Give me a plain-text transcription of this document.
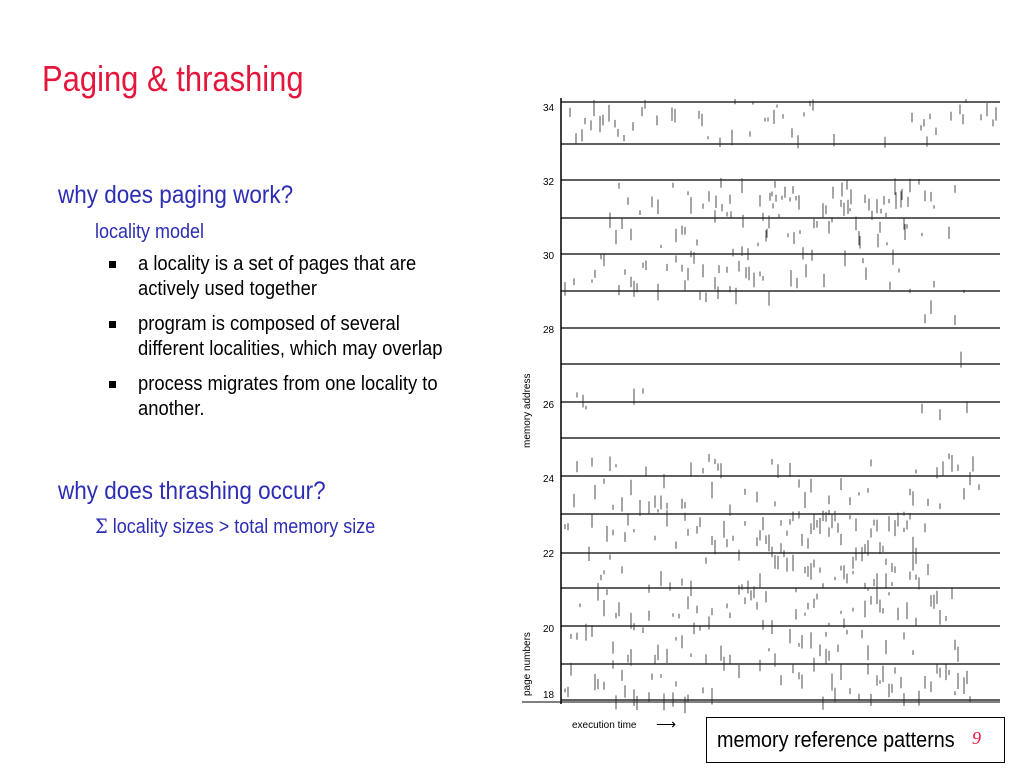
Paging & thrashing
why does paging work?
locality model
a locality is a set of pages that are actively used together
program is composed of several different localities, which may overlap
process migrates from one locality to another.
why does thrashing occur?
Σ locality sizes > total memory size
34
32
30
28
26
24
22
20
18
memory address
page numbers
execution time ⟶
memory reference patterns 9
